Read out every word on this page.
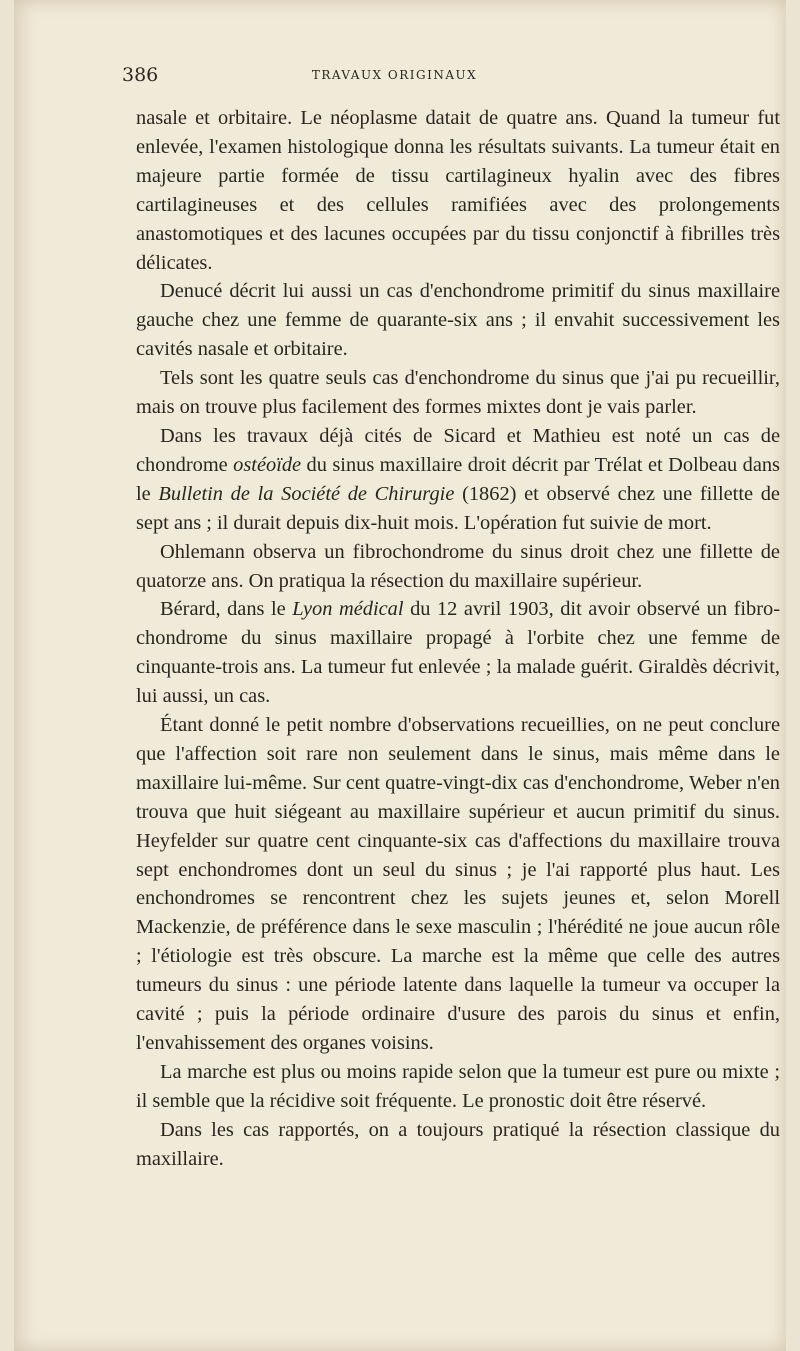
386	TRAVAUX ORIGINAUX

nasale et orbitaire. Le néoplasme datait de quatre ans. Quand la tumeur fut enlevée, l'examen histologique donna les résultats suivants. La tumeur était en majeure partie formée de tissu cartilagineux hyalin avec des fibres cartilagineuses et des cellules ramifiées avec des prolongements anastomotiques et des lacunes occupées par du tissu conjonctif à fibrilles très délicates.

Denucé décrit lui aussi un cas d'enchondrome primitif du sinus maxillaire gauche chez une femme de quarante-six ans ; il envahit successivement les cavités nasale et orbitaire.

Tels sont les quatre seuls cas d'enchondrome du sinus que j'ai pu recueillir, mais on trouve plus facilement des formes mixtes dont je vais parler.

Dans les travaux déjà cités de Sicard et Mathieu est noté un cas de chondrome ostéoïde du sinus maxillaire droit décrit par Trélat et Dolbeau dans le Bulletin de la Société de Chirurgie (1862) et observé chez une fillette de sept ans ; il durait depuis dix-huit mois. L'opération fut suivie de mort.

Ohlemann observa un fibrochondrome du sinus droit chez une fillette de quatorze ans. On pratiqua la résection du maxillaire supérieur.

Bérard, dans le Lyon médical du 12 avril 1903, dit avoir observé un fibro-chondrome du sinus maxillaire propagé à l'orbite chez une femme de cinquante-trois ans. La tumeur fut enlevée ; la malade guérit. Giraldès décrivit, lui aussi, un cas.

Étant donné le petit nombre d'observations recueillies, on ne peut conclure que l'affection soit rare non seulement dans le sinus, mais même dans le maxillaire lui-même. Sur cent quatre-vingt-dix cas d'enchondrome, Weber n'en trouva que huit siégeant au maxillaire supérieur et aucun primitif du sinus. Heyfelder sur quatre cent cinquante-six cas d'affections du maxillaire trouva sept enchondromes dont un seul du sinus ; je l'ai rapporté plus haut. Les enchondromes se rencontrent chez les sujets jeunes et, selon Morell Mackenzie, de préférence dans le sexe masculin ; l'hérédité ne joue aucun rôle ; l'étiologie est très obscure. La marche est la même que celle des autres tumeurs du sinus : une période latente dans laquelle la tumeur va occuper la cavité ; puis la période ordinaire d'usure des parois du sinus et enfin, l'envahissement des organes voisins.

La marche est plus ou moins rapide selon que la tumeur est pure ou mixte ; il semble que la récidive soit fréquente. Le pronostic doit être réservé.

Dans les cas rapportés, on a toujours pratiqué la résection classique du maxillaire.
